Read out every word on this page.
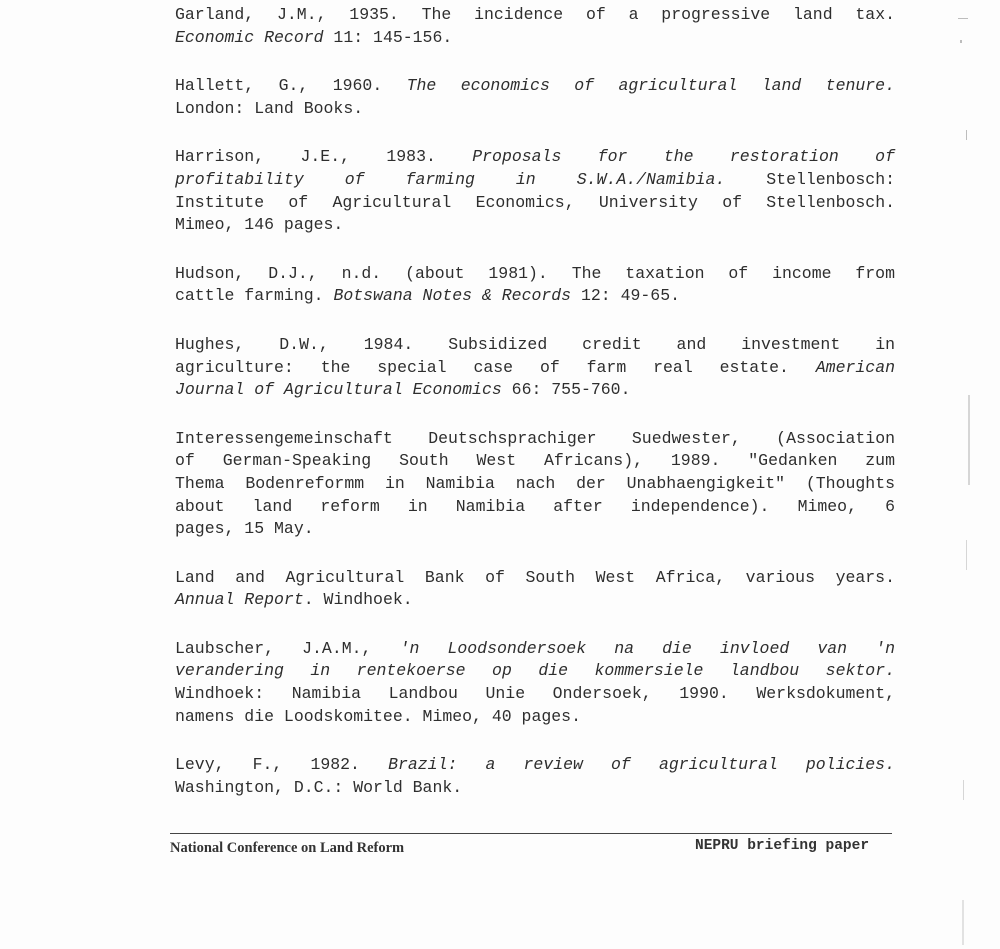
Garland, J.M., 1935. The incidence of a progressive land tax.
Economic Record 11: 145-156.

Hallett, G., 1960. The economics of agricultural land tenure.
London: Land Books.

Harrison, J.E., 1983. Proposals for the restoration of
profitability of farming in S.W.A./Namibia. Stellenbosch:
Institute of Agricultural Economics, University of Stellenbosch.
Mimeo, 146 pages.

Hudson, D.J., n.d. (about 1981). The taxation of income from
cattle farming. Botswana Notes & Records 12: 49-65.

Hughes, D.W., 1984. Subsidized credit and investment in
agriculture: the special case of farm real estate. American
Journal of Agricultural Economics 66: 755-760.

Interessengemeinschaft Deutschsprachiger Suedwester, (Association
of German-Speaking South West Africans), 1989. "Gedanken zum
Thema Bodenreformm in Namibia nach der Unabhaengigkeit" (Thoughts
about land reform in Namibia after independence). Mimeo, 6
pages, 15 May.

Land and Agricultural Bank of South West Africa, various years.
Annual Report. Windhoek.

Laubscher, J.A.M., 'n Loodsondersoek na die invloed van 'n
verandering in rentekoerse op die kommersiele landbou sektor.
Windhoek: Namibia Landbou Unie Ondersoek, 1990. Werksdokument,
namens die Loodskomitee. Mimeo, 40 pages.

Levy, F., 1982. Brazil: a review of agricultural policies.
Washington, D.C.: World Bank.

National Conference on Land Reform	NEPRU briefing paper
